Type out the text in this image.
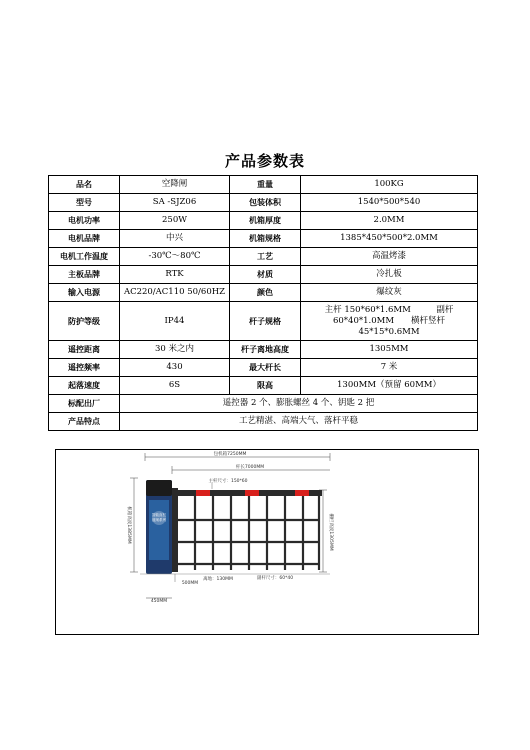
产品参数表
品名	空降闸	重量	100KG
型号	SA -SJZ06	包装体积	1540*500*540
电机功率	250W	机箱厚度	2.0MM
电机品牌	中兴	机箱规格	1385*450*500*2.0MM
电机工作温度	-30℃～80℃	工艺	高温烤漆
主板品牌	RTK	材质	冷扎板
输入电源	AC220/AC110 50/60HZ	颜色	爆纹灰
防护等级	IP44	杆子规格	主杆 150*60*1.6MM　　　副杆
60*40*1.0MM　　横杆竖杆
45*15*0.6MM

遥控距离	30 米之内	杆子离地高度	1305MM
遥控频率	430	最大杆长	7 米
起落速度	6S	限高	1300MM（预留 60MM）
标配出厂	遥控器 2 个、膨胀螺丝 4 个、钥匙 2 把		
产品特点	工艺精湛、高端大气、落杆平稳		
包机箱7250MM
杆长7000MM
主杆尺寸：150*60
机箱高度1385MM	栅栏高度1305MM
智能直栏
道闸系列
450MM
500MM
离地：130MM	副杆尺寸：60*40
